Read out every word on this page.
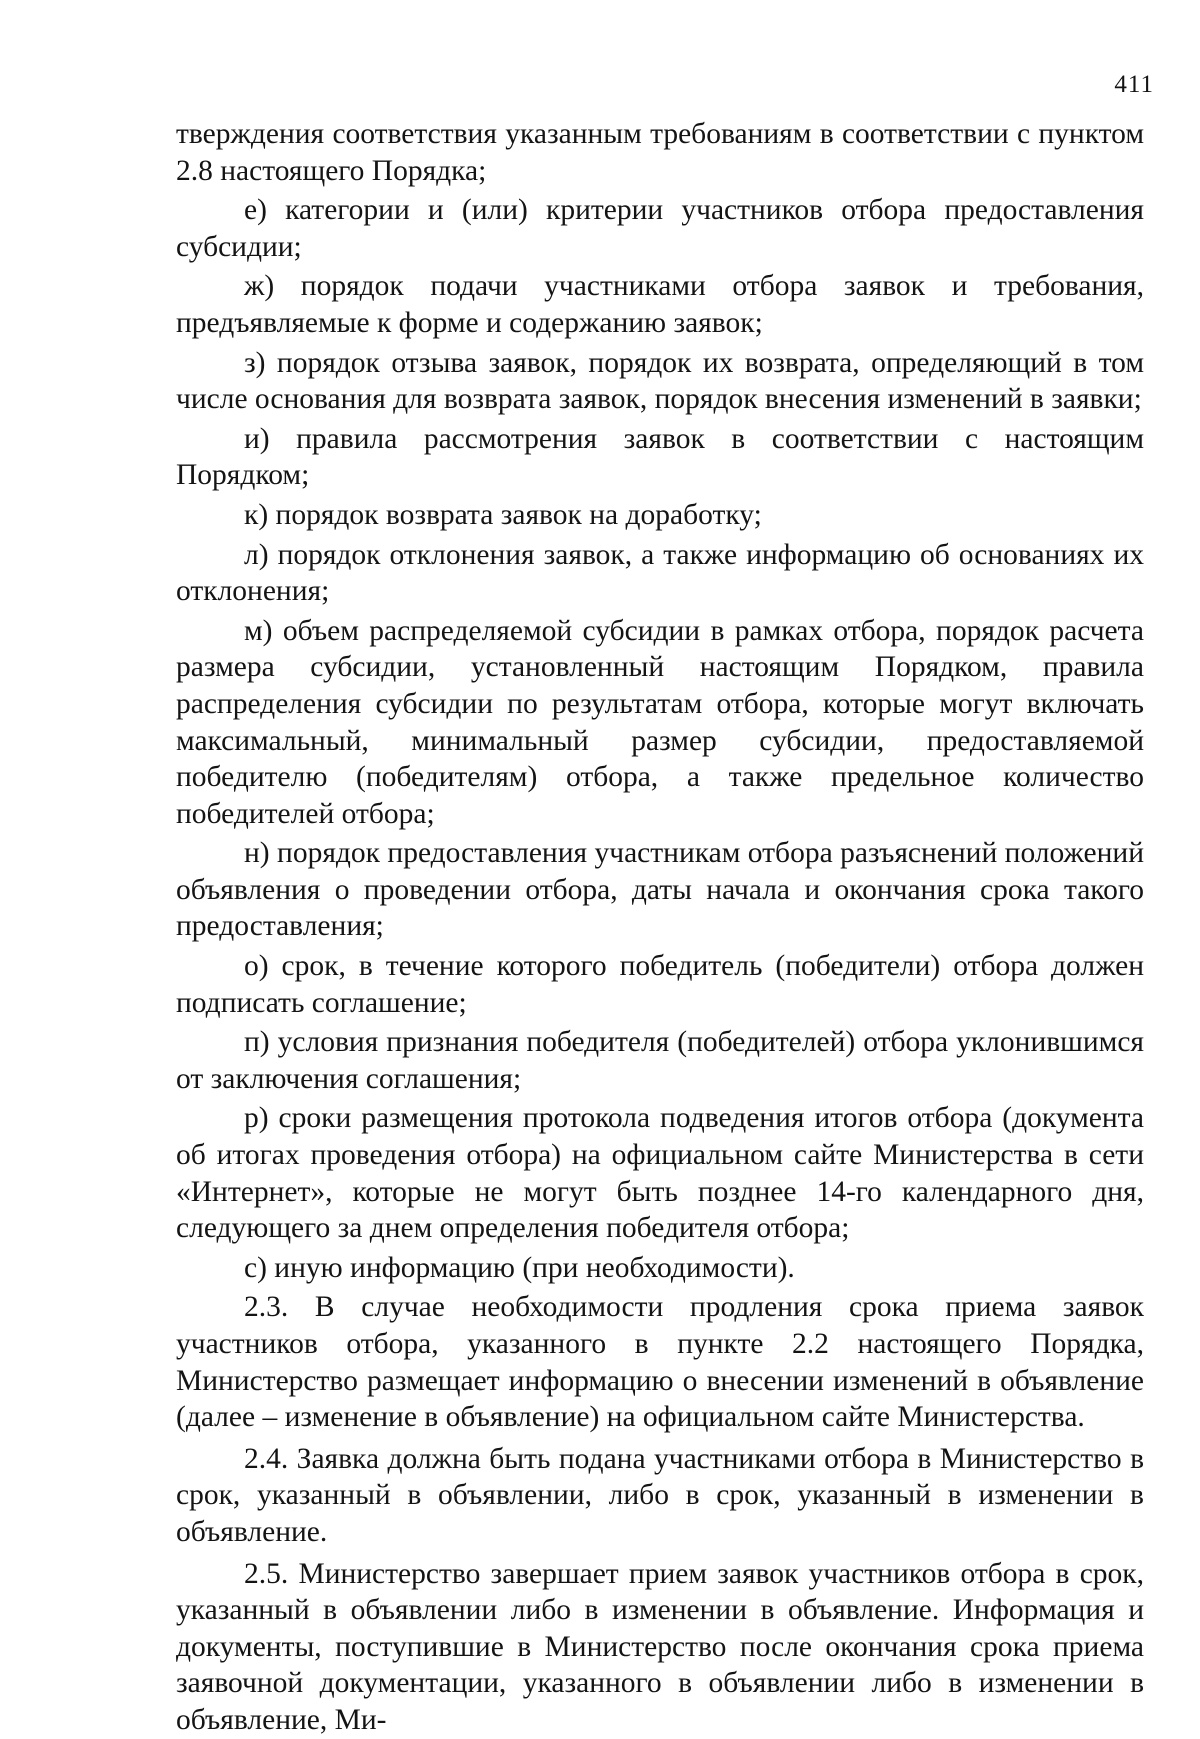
411

тверждения соответствия указанным требованиям в соответствии с пунктом 2.8 настоящего Порядка;

е) категории и (или) критерии участников отбора предоставления субсидии;

ж) порядок подачи участниками отбора заявок и требования, предъявляемые к форме и содержанию заявок;

з) порядок отзыва заявок, порядок их возврата, определяющий в том числе основания для возврата заявок, порядок внесения изменений в заявки;

и) правила рассмотрения заявок в соответствии с настоящим Порядком;

к) порядок возврата заявок на доработку;

л) порядок отклонения заявок, а также информацию об основаниях их отклонения;

м) объем распределяемой субсидии в рамках отбора, порядок расчета размера субсидии, установленный настоящим Порядком, правила распределения субсидии по результатам отбора, которые могут включать максимальный, минимальный размер субсидии, предоставляемой победителю (победителям) отбора, а также предельное количество победителей отбора;

н) порядок предоставления участникам отбора разъяснений положений объявления о проведении отбора, даты начала и окончания срока такого предоставления;

о) срок, в течение которого победитель (победители) отбора должен подписать соглашение;

п) условия признания победителя (победителей) отбора уклонившимся от заключения соглашения;

р) сроки размещения протокола подведения итогов отбора (документа об итогах проведения отбора) на официальном сайте Министерства в сети «Интернет», которые не могут быть позднее 14-го календарного дня, следующего за днем определения победителя отбора;

с) иную информацию (при необходимости).

2.3. В случае необходимости продления срока приема заявок участников отбора, указанного в пункте 2.2 настоящего Порядка, Министерство размещает информацию о внесении изменений в объявление (далее – изменение в объявление) на официальном сайте Министерства.

2.4. Заявка должна быть подана участниками отбора в Министерство в срок, указанный в объявлении, либо в срок, указанный в изменении в объявление.

2.5. Министерство завершает прием заявок участников отбора в срок, указанный в объявлении либо в изменении в объявление. Информация и документы, поступившие в Министерство после окончания срока приема заявочной документации, указанного в объявлении либо в изменении в объявление, Ми-
